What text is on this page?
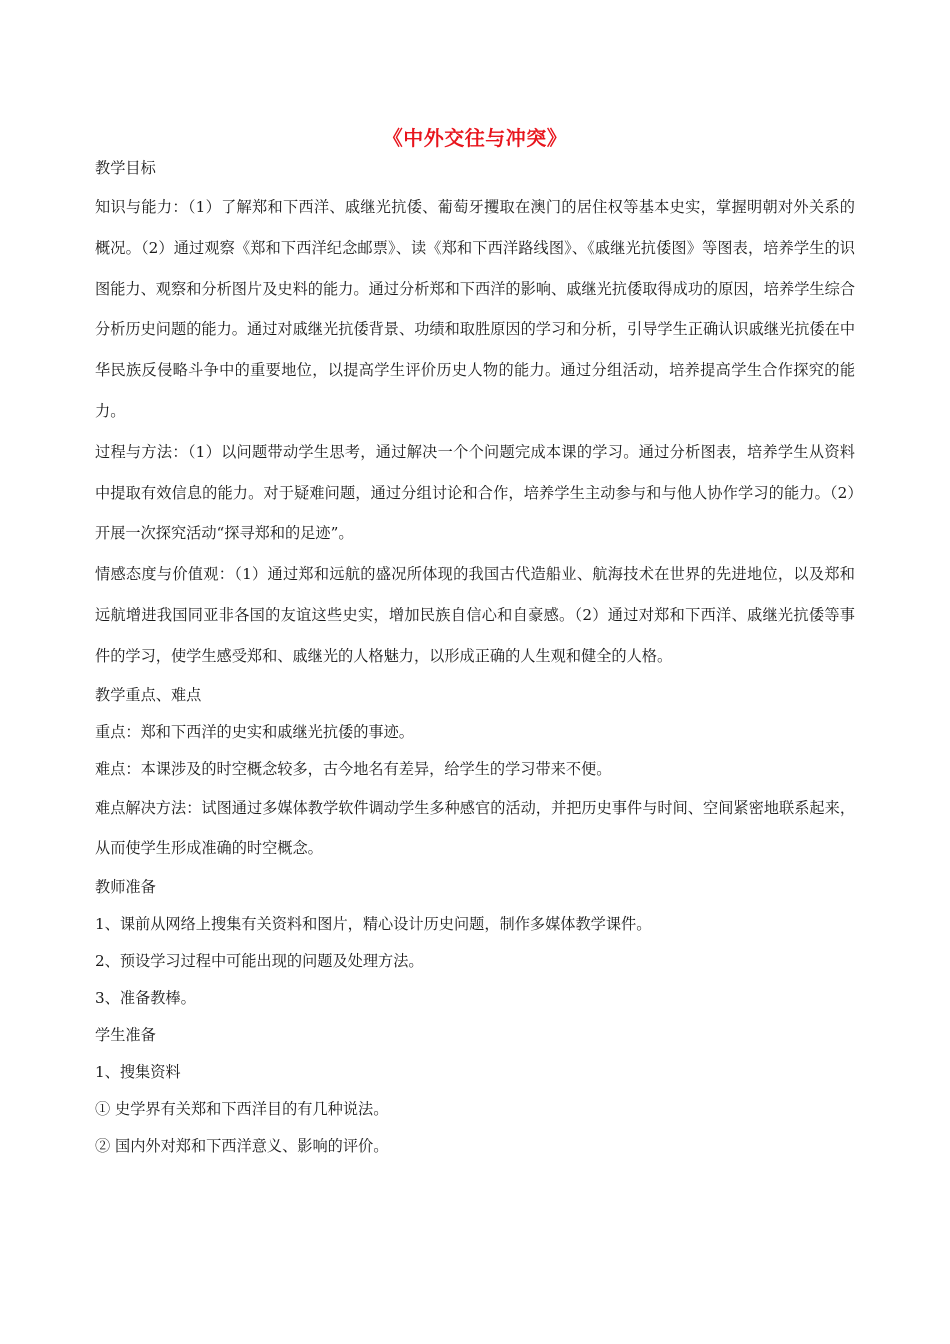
《中外交往与冲突》

教学目标

知识与能力：（1）了解郑和下西洋、戚继光抗倭、葡萄牙攫取在澳门的居住权等基本史实，掌握明朝对外关系的概况。（2）通过观察《郑和下西洋纪念邮票》、读《郑和下西洋路线图》、《戚继光抗倭图》等图表，培养学生的识图能力、观察和分析图片及史料的能力。通过分析郑和下西洋的影响、戚继光抗倭取得成功的原因，培养学生综合分析历史问题的能力。通过对戚继光抗倭背景、功绩和取胜原因的学习和分析，引导学生正确认识戚继光抗倭在中华民族反侵略斗争中的重要地位，以提高学生评价历史人物的能力。通过分组活动，培养提高学生合作探究的能力。

过程与方法：（1）以问题带动学生思考，通过解决一个个问题完成本课的学习。通过分析图表，培养学生从资料中提取有效信息的能力。对于疑难问题，通过分组讨论和合作，培养学生主动参与和与他人协作学习的能力。（2）开展一次探究活动“探寻郑和的足迹”。

情感态度与价值观：（1）通过郑和远航的盛况所体现的我国古代造船业、航海技术在世界的先进地位，以及郑和远航增进我国同亚非各国的友谊这些史实，增加民族自信心和自豪感。（2）通过对郑和下西洋、戚继光抗倭等事件的学习，使学生感受郑和、戚继光的人格魅力，以形成正确的人生观和健全的人格。

教学重点、难点

重点：郑和下西洋的史实和戚继光抗倭的事迹。

难点：本课涉及的时空概念较多，古今地名有差异，给学生的学习带来不便。

难点解决方法：试图通过多媒体教学软件调动学生多种感官的活动，并把历史事件与时间、空间紧密地联系起来，从而使学生形成准确的时空概念。

教师准备

1、课前从网络上搜集有关资料和图片，精心设计历史问题，制作多媒体教学课件。

2、预设学习过程中可能出现的问题及处理方法。

3、准备教棒。

学生准备

1、搜集资料

① 史学界有关郑和下西洋目的有几种说法。

② 国内外对郑和下西洋意义、影响的评价。
